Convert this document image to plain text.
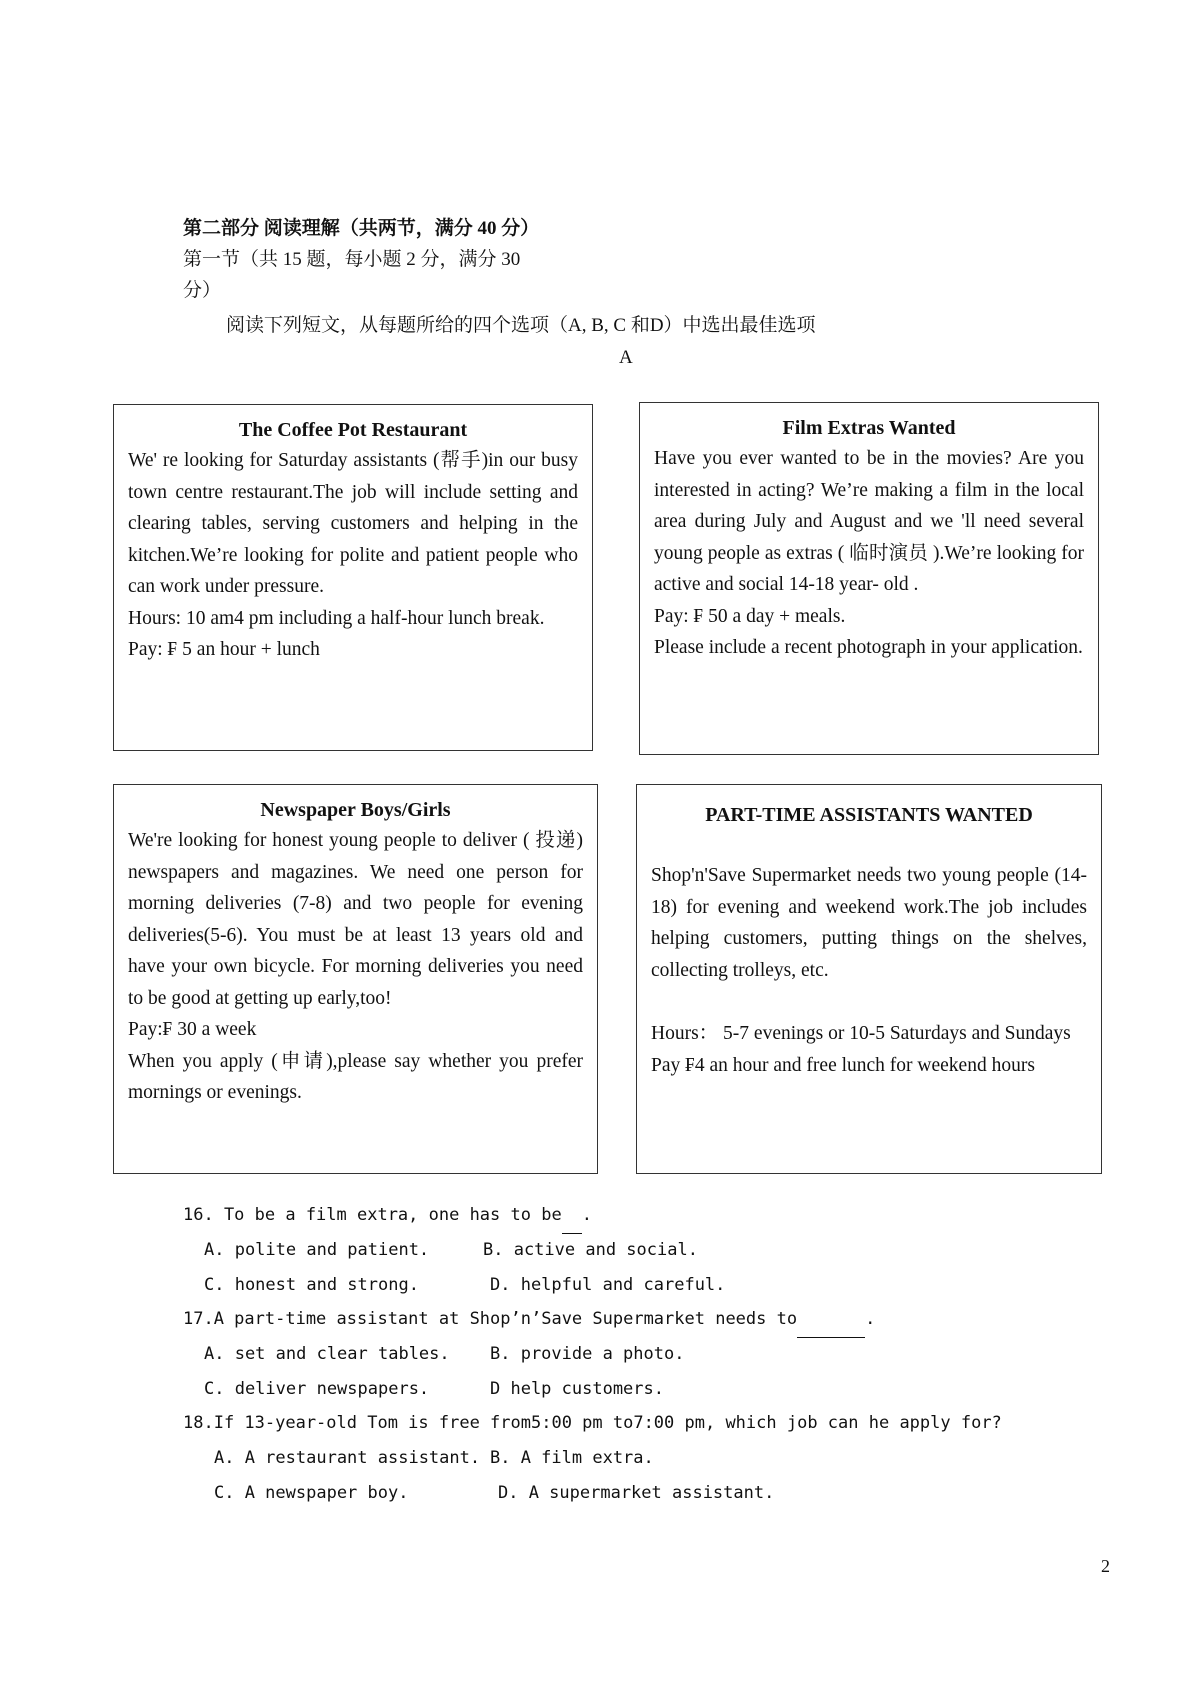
第二部分 阅读理解（共两节，满分 40 分）
第一节（共 15 题，每小题 2 分，满分 30
分）
阅读下列短文，从每题所给的四个选项（A, B, C 和D）中选出最佳选项
A
The Coffee Pot Restaurant

We' re looking for Saturday assistants (帮手)in our busy town centre restaurant.The job will include setting and clearing tables, serving customers and helping in the kitchen.We’re looking for polite and patient people who can work under pressure.

Hours: 10 am4 pm including a half-hour lunch break.

Pay: ₣ 5 an hour + lunch

Film Extras Wanted

Have you ever wanted to be in the movies? Are you interested in acting? We’re making a film in the local area during July and August and we 'll need several young people as extras ( 临时演员 ).We’re looking for active and social 14-18 year- old .

Pay: ₣ 50 a day + meals.

Please include a recent photograph in your application.

Newspaper Boys/Girls

We're looking for honest young people to deliver ( 投递) newspapers and magazines. We need one person for morning deliveries (7-8) and two people for evening deliveries(5-6). You must be at least 13 years old and have your own bicycle. For morning deliveries you need to be good at getting up early,too!

Pay:₣ 30 a week

When you apply (申请),please say whether you prefer mornings or evenings.

PART-TIME ASSISTANTS WANTED

Shop'n'Save Supermarket needs two young people (14-18) for evening and weekend work.The job includes helping customers, putting things on the shelves, collecting trolleys, etc.

Hours： 5-7 evenings or 10-5 Saturdays and Sundays

Pay ₣4 an hour and free lunch for weekend hours

16. To be a film extra, one has to be .
A. polite and patient.	B. active and social.
C. honest and strong.	D. helpful and careful.
17.A part-time assistant at Shop’n’Save Supermarket needs to	.
A. set and clear tables. B. provide a photo.
C. deliver newspapers.	D help customers.
18.If 13-year-old Tom is free from5:00 pm to7:00 pm, which job can he apply for?
A. A restaurant assistant. B. A film extra.
C. A newspaper boy.	D. A supermarket assistant.
2
